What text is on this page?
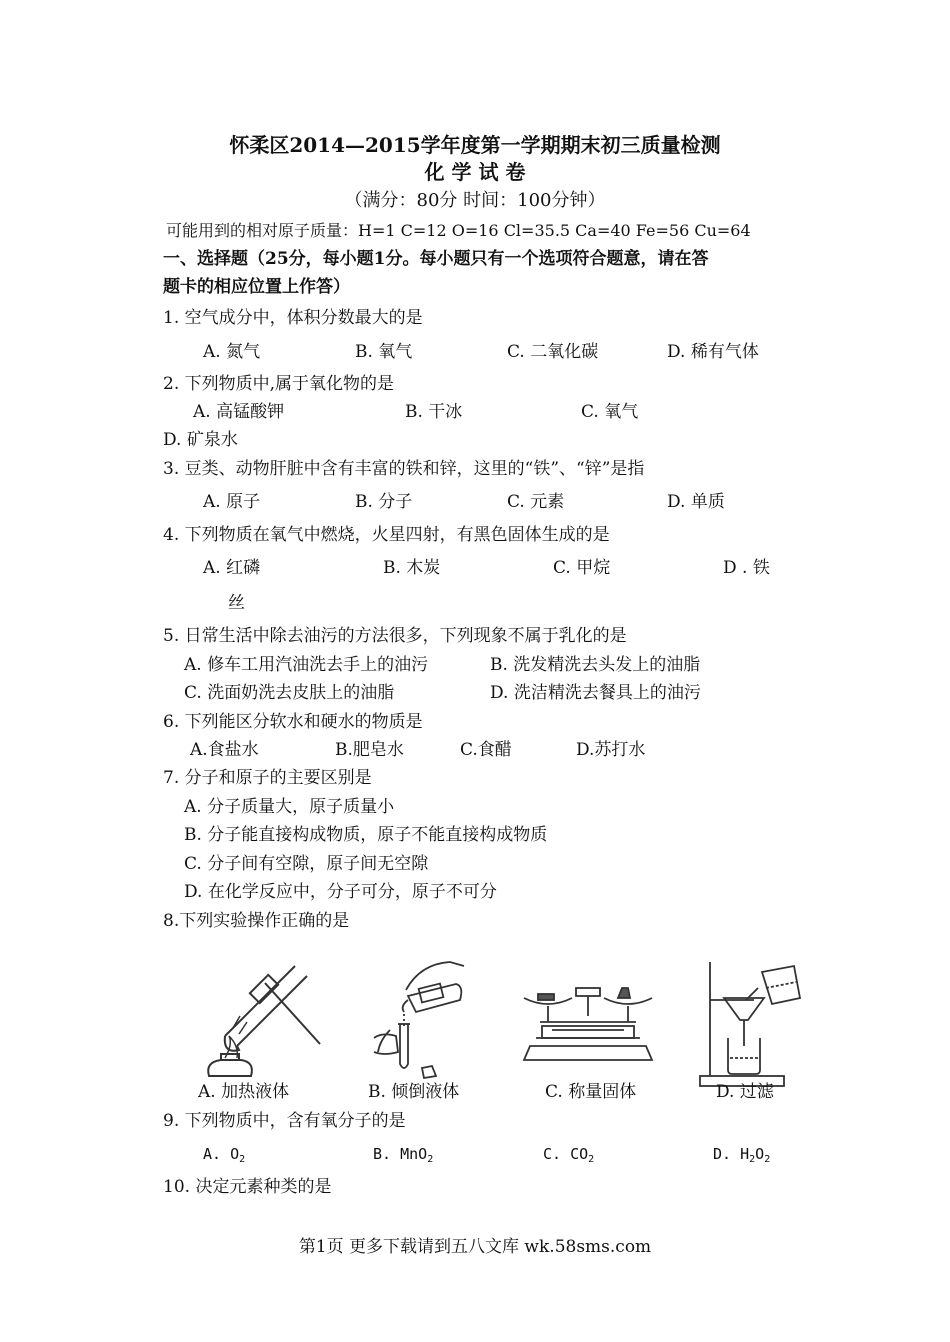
怀柔区2014—2015学年度第一学期期末初三质量检测
化 学 试 卷
（满分：80分 时间：100分钟）
可能用到的相对原子质量：H=1 C=12 O=16 Cl=35.5 Ca=40 Fe=56 Cu=64
一、选择题（25分，每小题1分。每小题只有一个选项符合题意，请在答
题卡的相应位置上作答）
1. 空气成分中，体积分数最大的是
A. 氮气	B. 氧气	C. 二氧化碳	D. 稀有气体
2. 下列物质中,属于氧化物的是
A. 高锰酸钾	B. 干冰	C. 氧气
D. 矿泉水
3. 豆类、动物肝脏中含有丰富的铁和锌，这里的“铁”、“锌”是指
A. 原子	B. 分子	C. 元素	D. 单质
4. 下列物质在氧气中燃烧，火星四射，有黑色固体生成的是
A. 红磷	B. 木炭	C. 甲烷	D . 铁
丝
5. 日常生活中除去油污的方法很多，下列现象不属于乳化的是
A. 修车工用汽油洗去手上的油污	B. 洗发精洗去头发上的油脂
C. 洗面奶洗去皮肤上的油脂	D. 洗洁精洗去餐具上的油污
6. 下列能区分软水和硬水的物质是
A.食盐水	B.肥皂水	C.食醋	D.苏打水
7. 分子和原子的主要区别是
A. 分子质量大，原子质量小
B. 分子能直接构成物质，原子不能直接构成物质
C. 分子间有空隙，原子间无空隙
D. 在化学反应中，分子可分，原子不可分
8.下列实验操作正确的是
A. 加热液体	B. 倾倒液体	C. 称量固体	D. 过滤
9. 下列物质中，含有氧分子的是
A. $O_2$	B. MnO$_2$	C. $CO_2$	D. $H_2O_2$
10. 决定元素种类的是
第1页 更多下载请到五八文库 wk.58sms.com
